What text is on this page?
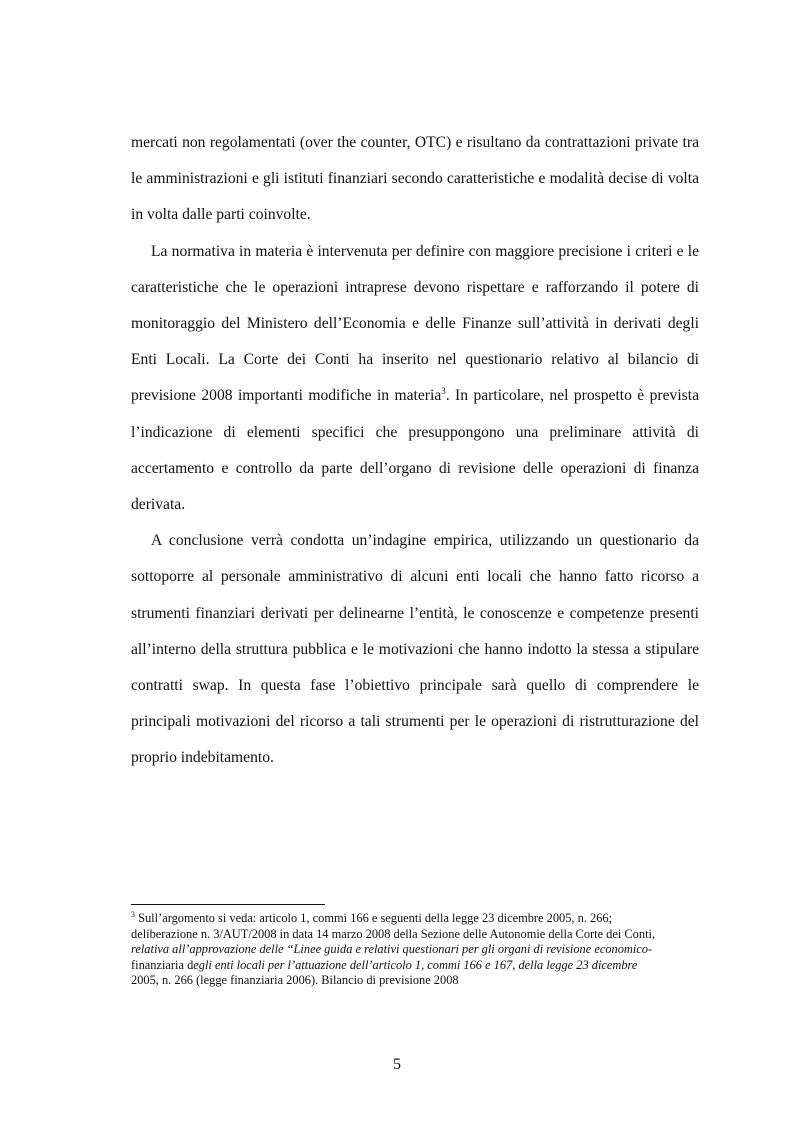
mercati non regolamentati (over the counter, OTC) e risultano da contrattazioni private tra le amministrazioni e gli istituti finanziari secondo caratteristiche e modalità decise di volta in volta dalle parti coinvolte.

La normativa in materia è intervenuta per definire con maggiore precisione i criteri e le caratteristiche che le operazioni intraprese devono rispettare e rafforzando il potere di monitoraggio del Ministero dell’Economia e delle Finanze sull’attività in derivati degli Enti Locali. La Corte dei Conti ha inserito nel questionario relativo al bilancio di previsione 2008 importanti modifiche in materia$^3$. In particolare, nel prospetto è prevista l’indicazione di elementi specifici che presuppongono una preliminare attività di accertamento e controllo da parte dell’organo di revisione delle operazioni di finanza derivata.

A conclusione verrà condotta un’indagine empirica, utilizzando un questionario da sottoporre al personale amministrativo di alcuni enti locali che hanno fatto ricorso a strumenti finanziari derivati per delinearne l’entità, le conoscenze e competenze presenti all’interno della struttura pubblica e le motivazioni che hanno indotto la stessa a stipulare contratti swap. In questa fase l’obiettivo principale sarà quello di comprendere le principali motivazioni del ricorso a tali strumenti per le operazioni di ristrutturazione del proprio indebitamento.

$^3$ Sull’argomento si veda: articolo 1, commi 166 e seguenti della legge 23 dicembre 2005, n. 266;
deliberazione n. 3/AUT/2008 in data 14 marzo 2008 della Sezione delle Autonomie della Corte dei Conti,
relativa all’approvazione delle “Linee guida e relativi questionari per gli organi di revisione economico-
finanziaria degli enti locali per l’attuazione dell’articolo 1, commi 166 e 167, della legge 23 dicembre
2005, n. 266 (legge finanziaria 2006). Bilancio di previsione 2008
5
